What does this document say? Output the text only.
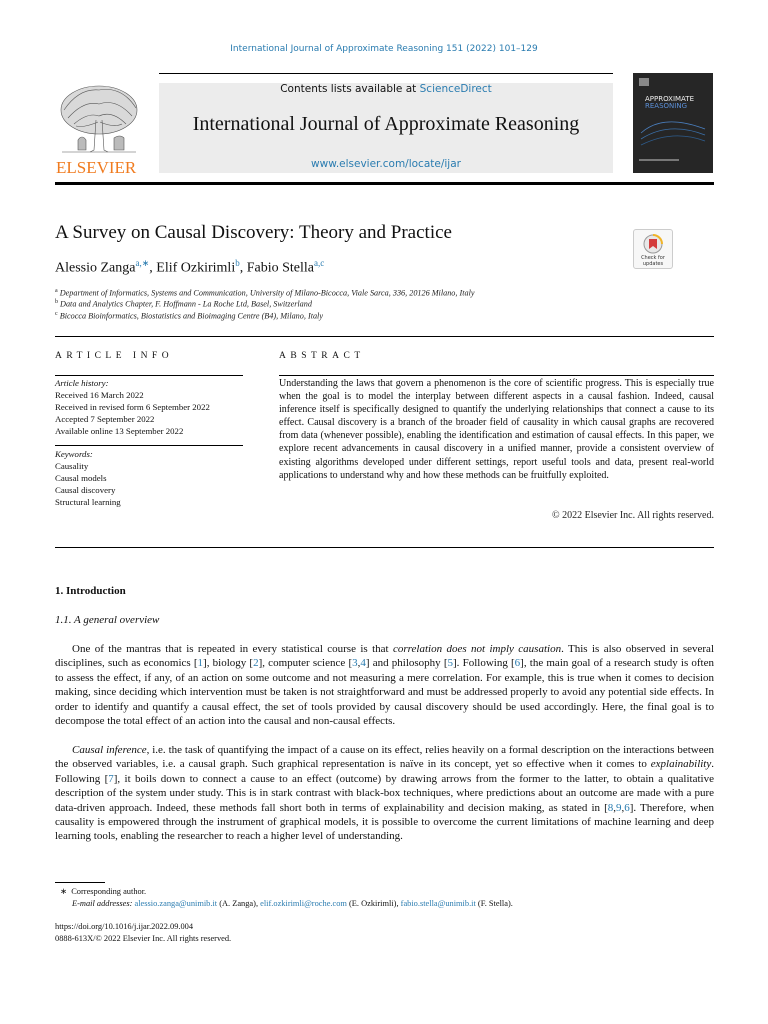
International Journal of Approximate Reasoning 151 (2022) 101–129
ELSEVIER
Contents lists available at ScienceDirect
International Journal of Approximate Reasoning
www.elsevier.com/locate/ijar
APPROXIMATE
REASONING
A Survey on Causal Discovery: Theory and Practice
Check for updates
Alessio Zanga$^{a,∗}$, Elif Ozkirimli$^b$, Fabio Stella$^{a,c}$
$^a$ Department of Informatics, Systems and Communication, University of Milano-Bicocca, Viale Sarca, 336, 20126 Milano, Italy
$^b$ Data and Analytics Chapter, F. Hoffmann - La Roche Ltd, Basel, Switzerland
$^c$ Bicocca Bioinformatics, Biostatistics and Bioimaging Centre (B4), Milano, Italy
ARTICLE INFO
Article history:
Received 16 March 2022
Received in revised form 6 September 2022
Accepted 7 September 2022
Available online 13 September 2022
Keywords:
Causality
Causal models
Causal discovery
Structural learning
ABSTRACT
Understanding the laws that govern a phenomenon is the core of scientific progress. This is especially true when the goal is to model the interplay between different aspects in a causal fashion. Indeed, causal inference itself is specifically designed to quantify the underlying relationships that connect a cause to its effect. Causal discovery is a branch of the broader field of causality in which causal graphs are recovered from data (whenever possible), enabling the identification and estimation of causal effects. In this paper, we explore recent advancements in causal discovery in a unified manner, provide a consistent overview of existing algorithms developed under different settings, report useful tools and data, present real-world applications to understand why and how these methods can be fruitfully exploited.
© 2022 Elsevier Inc. All rights reserved.
1. Introduction
1.1. A general overview
One of the mantras that is repeated in every statistical course is that correlation does not imply causation. This is also observed in several disciplines, such as economics [1], biology [2], computer science [3,4] and philosophy [5]. Following [6], the main goal of a research study is often to assess the effect, if any, of an action on some outcome and not measuring a mere correlation. For example, this is true when it comes to decision making, since deciding which intervention must be taken is not straightforward and must be addressed properly to avoid any potential side effects. In order to identify and quantify a causal effect, the set of tools provided by causal discovery should be used accordingly. Here, the final goal is to decompose the total effect of an action into the causal and non-causal effects.
Causal inference, i.e. the task of quantifying the impact of a cause on its effect, relies heavily on a formal description on the interactions between the observed variables, i.e. a causal graph. Such graphical representation is naïve in its concept, yet so effective when it comes to explainability. Following [7], it boils down to connect a cause to an effect (outcome) by drawing arrows from the former to the latter, to obtain a qualitative description of the system under study. This is in stark contrast with black-box techniques, where predictions about an outcome are made with a pure data-driven approach. Indeed, these methods fall short both in terms of explainability and decision making, as stated in [8,9,6]. Therefore, when causality is empowered through the instrument of graphical models, it is possible to overcome the current limitations of machine learning and deep learning tools, enabling the researcher to reach a higher level of understanding.
∗ Corresponding author.
E-mail addresses: alessio.zanga@unimib.it (A. Zanga), elif.ozkirimli@roche.com (E. Ozkirimli), fabio.stella@unimib.it (F. Stella).
https://doi.org/10.1016/j.ijar.2022.09.004
0888-613X/© 2022 Elsevier Inc. All rights reserved.
